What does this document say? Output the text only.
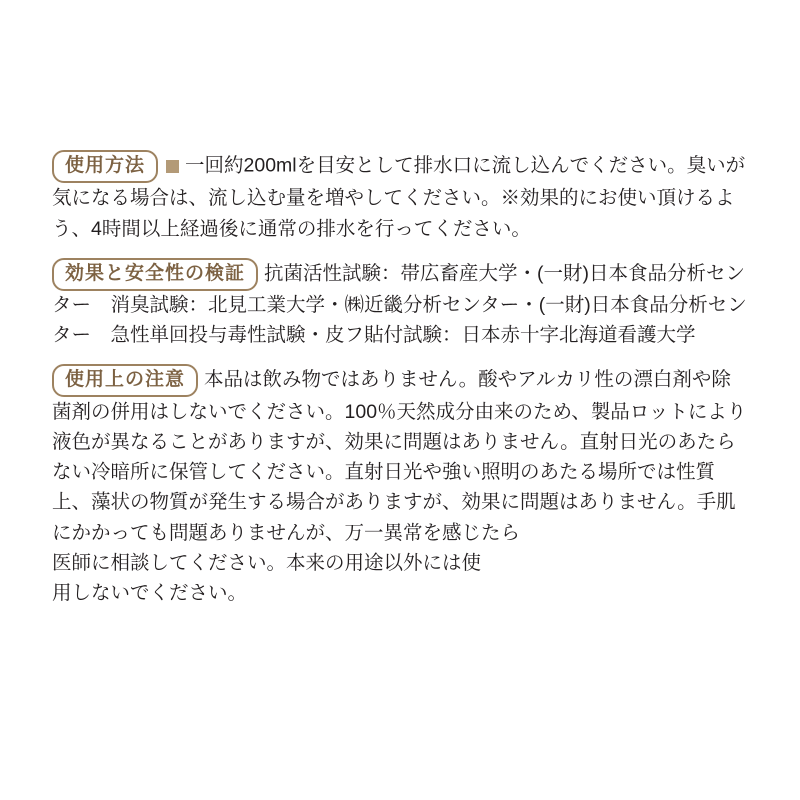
使用方法 一回約200mlを目安として排水口に流し込んでください。臭いが気になる場合は、流し込む量を増やしてください。※効果的にお使い頂けるよう、4時間以上経過後に通常の排水を行ってください。
効果と安全性の検証 抗菌活性試験：帯広畜産大学・(一財)日本食品分析センター　消臭試験：北見工業大学・㈱近畿分析センター・(一財)日本食品分析センター　急性単回投与毒性試験・皮フ貼付試験：日本赤十字北海道看護大学
使用上の注意 本品は飲み物ではありません。酸やアルカリ性の漂白剤や除菌剤の併用はしないでください。100％天然成分由来のため、製品ロットにより液色が異なることがありますが、効果に問題はありません。直射日光のあたらない冷暗所に保管してください。直射日光や強い照明のあたる場所では性質上、藻状の物質が発生する場合がありますが、効果に問題はありません。手肌にかかっても問題ありませんが、万一異常を感じたら
医師に相談してください。本来の用途以外には使
用しないでください。
